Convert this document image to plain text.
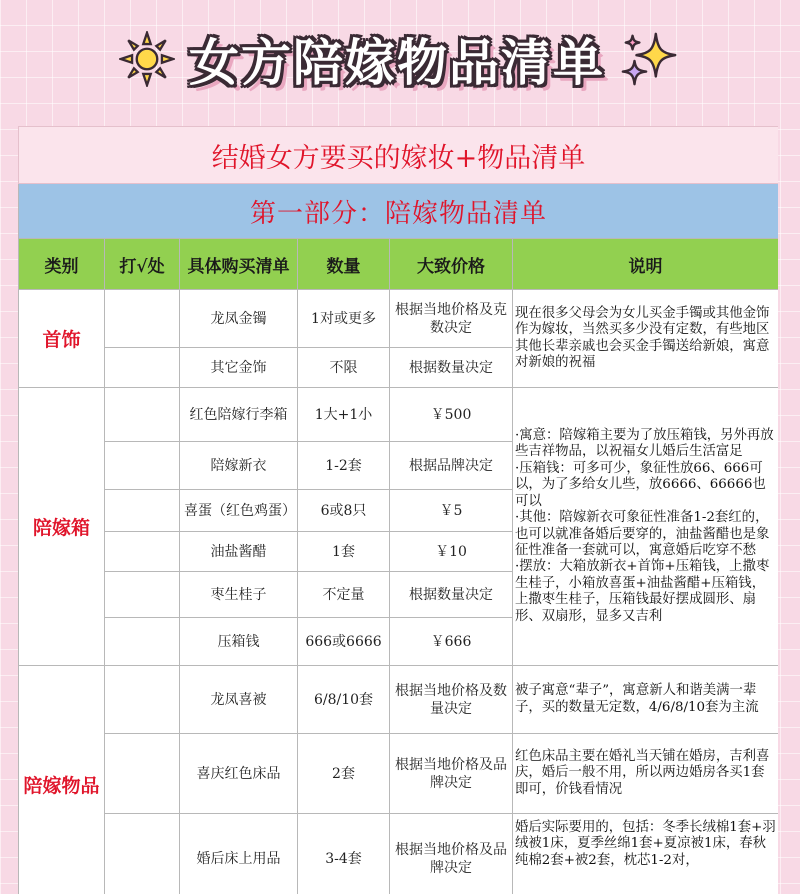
女方陪嫁物品清单
结婚女方要买的嫁妆+物品清单					
第一部分：陪嫁物品清单					
类别	打√处	具体购买清单	数量	大致价格	说明
首饰		龙凤金镯	1对或更多	根据当地价格及克数决定	现在很多父母会为女儿买金手镯或其他金饰作为嫁妆，当然买多少没有定数，有些地区其他长辈亲戚也会买金手镯送给新娘，寓意对新娘的祝福
		其它金饰	不限	根据数量决定	
陪嫁箱		红色陪嫁行李箱	1大+1小	￥500	·寓意：陪嫁箱主要为了放压箱钱，另外再放些吉祥物品，以祝福女儿婚后生活富足
·压箱钱：可多可少，象征性放66、666可以，为了多给女儿些，放6666、66666也可以
·其他：陪嫁新衣可象征性准备1-2套红的，也可以就准备婚后要穿的，油盐酱醋也是象征性准备一套就可以，寓意婚后吃穿不愁
·摆放：大箱放新衣+首饰+压箱钱，上撒枣生桂子，小箱放喜蛋+油盐酱醋+压箱钱，上撒枣生桂子，压箱钱最好摆成圆形、扇形、双扇形，显多又吉利
		陪嫁新衣	1-2套	根据品牌决定	
		喜蛋（红色鸡蛋）	6或8只	￥5	
		油盐酱醋	1套	￥10	
		枣生桂子	不定量	根据数量决定	
		压箱钱	666或6666	￥666	
陪嫁物品		龙凤喜被	6/8/10套	根据当地价格及数量决定	被子寓意“辈子”，寓意新人和谐美满一辈子，买的数量无定数，4/6/8/10套为主流
		喜庆红色床品	2套	根据当地价格及品牌决定	红色床品主要在婚礼当天铺在婚房，吉利喜庆，婚后一般不用，所以两边婚房各买1套即可，价钱看情况
		婚后床上用品	3-4套	根据当地价格及品牌决定	婚后实际要用的，包括：冬季长绒棉1套+羽绒被1床，夏季丝绵1套+夏凉被1床，春秋纯棉2套+被2套，枕芯1-2对，
